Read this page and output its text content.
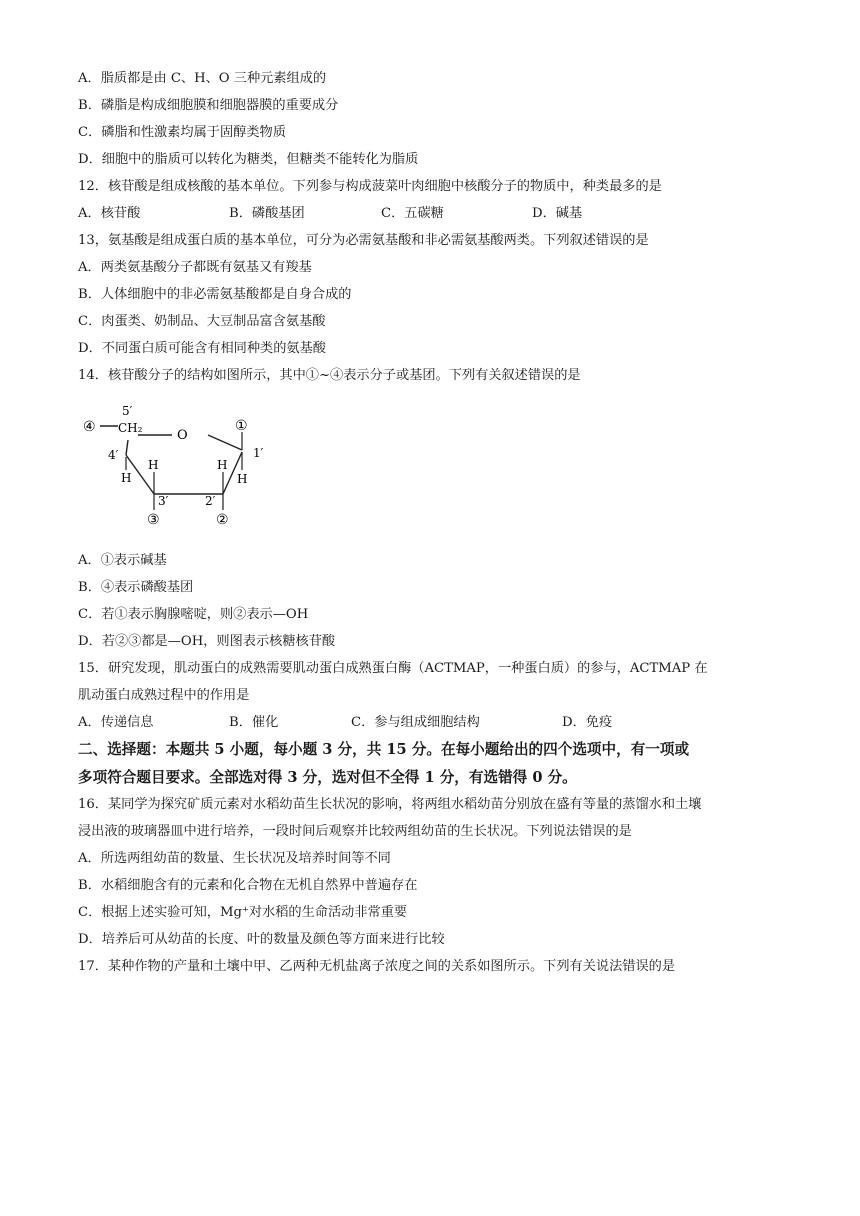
A．脂质都是由 C、H、O 三种元素组成的
B．磷脂是构成细胞膜和细胞器膜的重要成分
C．磷脂和性激素均属于固醇类物质
D．细胞中的脂质可以转化为糖类，但糖类不能转化为脂质
12．核苷酸是组成核酸的基本单位。下列参与构成菠菜叶肉细胞中核酸分子的物质中，种类最多的是
A．核苷酸	B．磷酸基团	C．五碳糖	D．碱基
13，氨基酸是组成蛋白质的基本单位，可分为必需氨基酸和非必需氨基酸两类。下列叙述错误的是
A．两类氨基酸分子都既有氨基又有羧基
B．人体细胞中的非必需氨基酸都是自身合成的
C．肉蛋类、奶制品、大豆制品富含氨基酸
D．不同蛋白质可能含有相同种类的氨基酸
14．核苷酸分子的结构如图所示，其中①~④表示分子或基团。下列有关叙述错误的是
5′
CH₂	O
4′	1′
H
H
H
H
3′	2′
④	①
③	②
A．①表示碱基
B．④表示磷酸基团
C．若①表示胸腺嘧啶，则②表示—OH
D．若②③都是—OH，则图表示核糖核苷酸
15．研究发现，肌动蛋白的成熟需要肌动蛋白成熟蛋白酶（ACTMAP，一种蛋白质）的参与，ACTMAP 在
肌动蛋白成熟过程中的作用是
A．传递信息	B．催化	C．参与组成细胞结构	D．免疫
二、选择题：本题共 5 小题，每小题 3 分，共 15 分。在每小题给出的四个选项中，有一项或
多项符合题目要求。全部选对得 3 分，选对但不全得 1 分，有选错得 0 分。
16．某同学为探究矿质元素对水稻幼苗生长状况的影响，将两组水稻幼苗分别放在盛有等量的蒸馏水和土壤
浸出液的玻璃器皿中进行培养，一段时间后观察并比较两组幼苗的生长状况。下列说法错误的是
A．所选两组幼苗的数量、生长状况及培养时间等不同
B．水稻细胞含有的元素和化合物在无机自然界中普遍存在
C．根据上述实验可知，Mg⁺对水稻的生命活动非常重要
D．培养后可从幼苗的长度、叶的数量及颜色等方面来进行比较
17．某种作物的产量和土壤中甲、乙两种无机盐离子浓度之间的关系如图所示。下列有关说法错误的是
